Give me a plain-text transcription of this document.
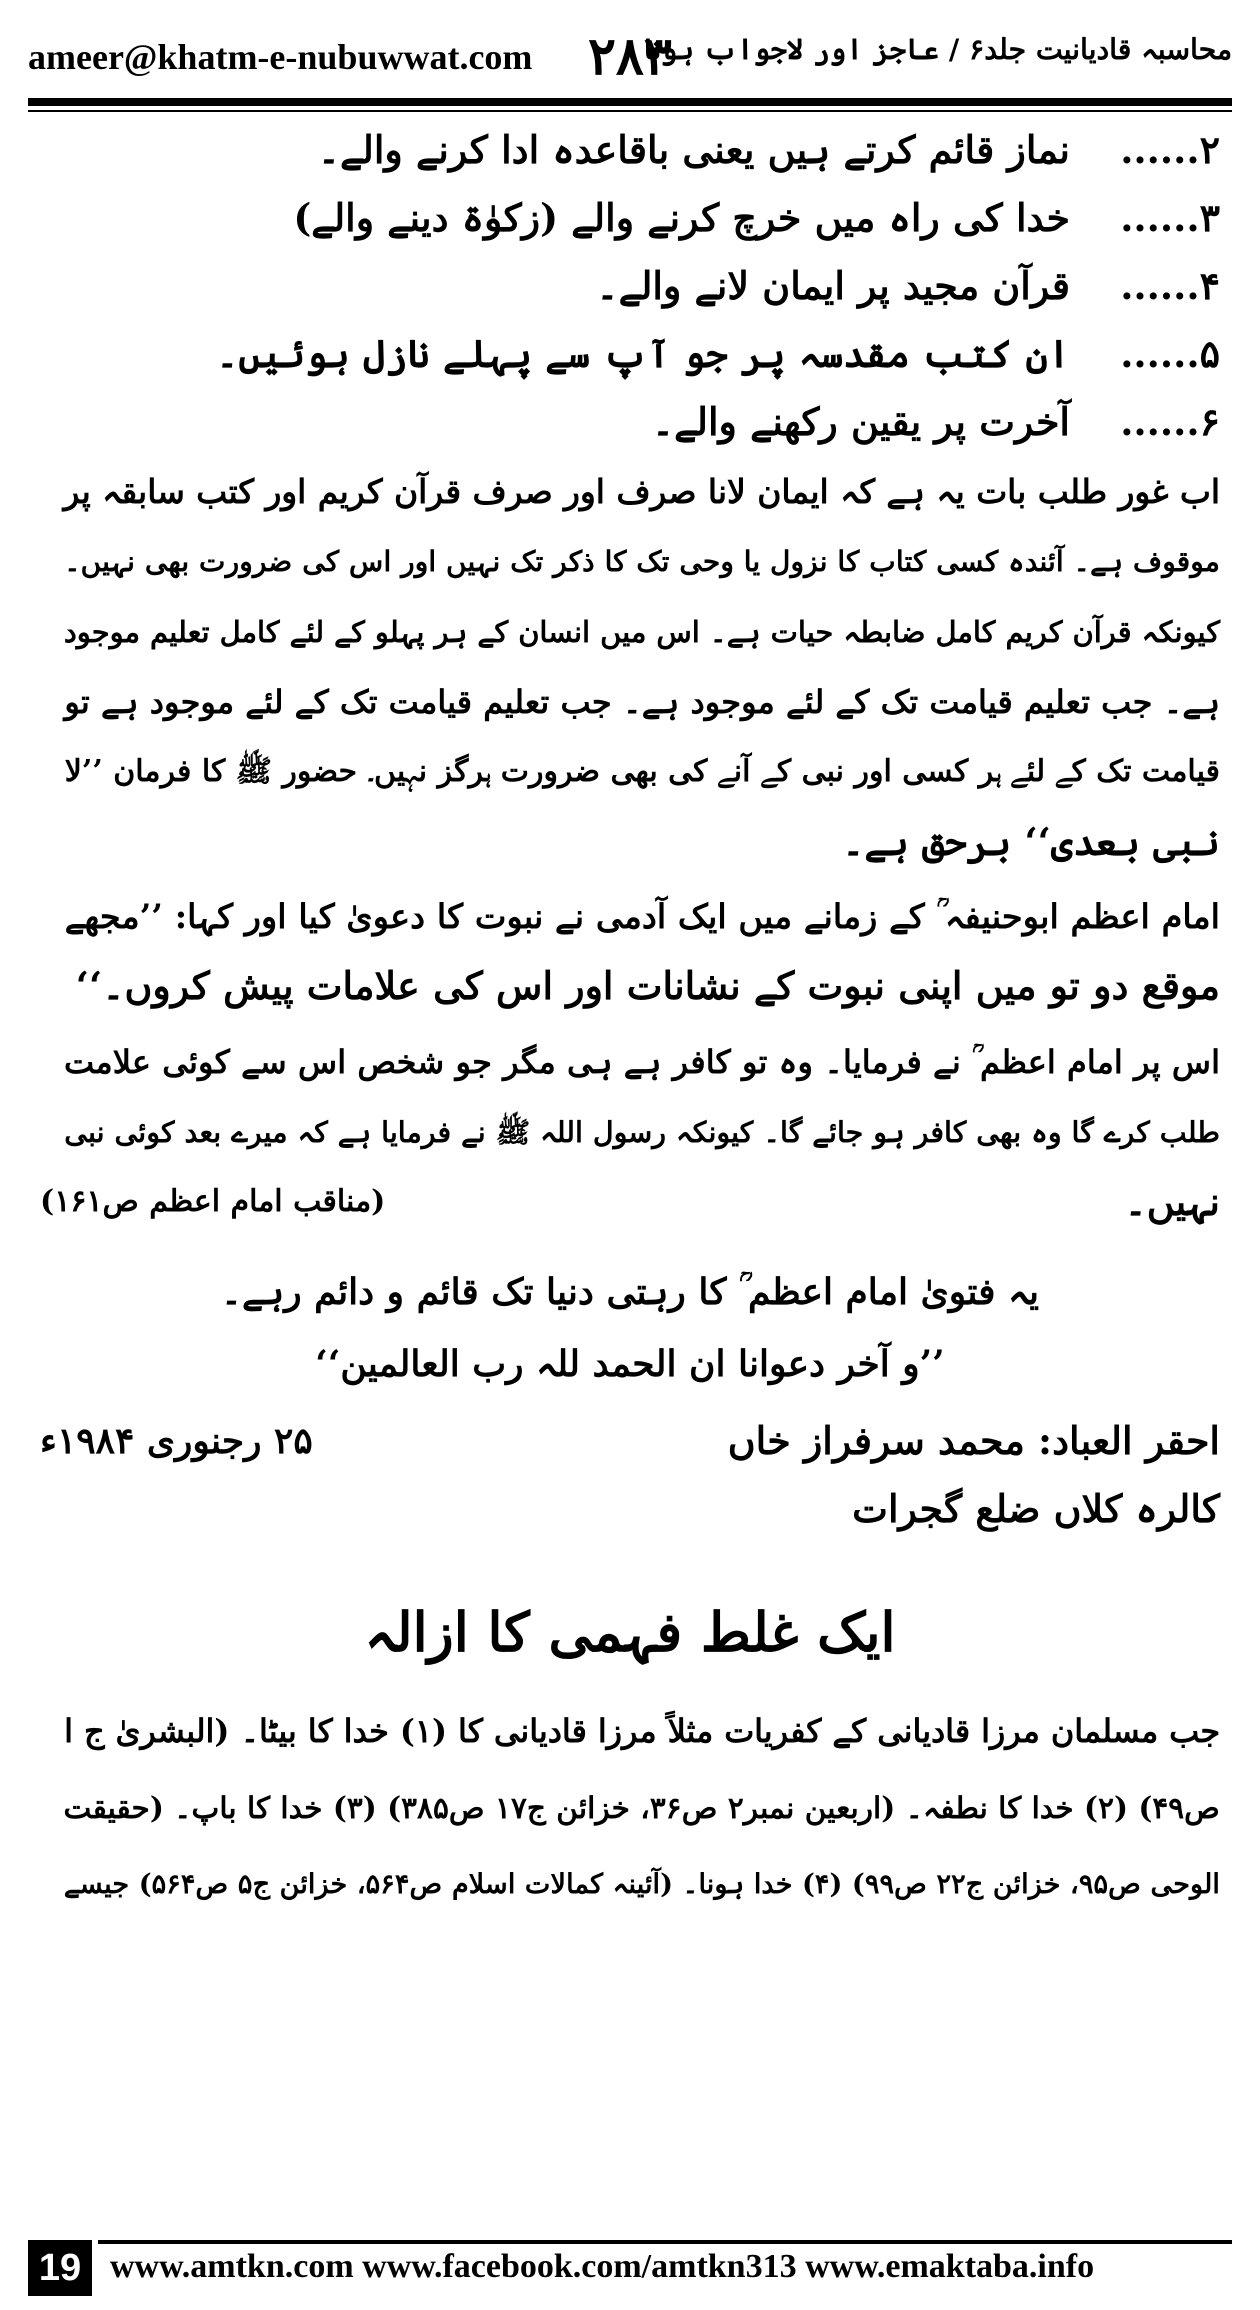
ameer@khatm-e-nubuwwat.com ۲۸۳
محاسبہ قادیانیت جلد۶ / عاجز اور لاجواب ہونا
۲......
نماز قائم کرتے ہیں یعنی باقاعدہ ادا کرنے والے۔
۳......
خدا کی راہ میں خرچ کرنے والے (زکوٰۃ دینے والے)
۴......
قرآن مجید پر ایمان لانے والے۔
۵......
ان کتب مقدسہ پر جو آپ سے پہلے نازل ہوئیں۔
۶......
آخرت پر یقین رکھنے والے۔
اب غور طلب بات یہ ہے کہ ایمان لانا صرف اور صرف قرآن کریم اور کتب سابقہ پر
موقوف ہے۔ آئندہ کسی کتاب کا نزول یا وحی تک کا ذکر تک نہیں اور اس کی ضرورت بھی نہیں۔
کیونکہ قرآن کریم کامل ضابطہ حیات ہے۔ اس میں انسان کے ہر پہلو کے لئے کامل تعلیم موجود
ہے۔ جب تعلیم قیامت تک کے لئے موجود ہے۔ جب تعلیم قیامت تک کے لئے موجود ہے تو
قیامت تک کے لئے ہر کسی اور نبی کے آنے کی بھی ضرورت ہرگز نہیں۔ حضور ﷺ کا فرمان ’’لا
نبی بعدی‘‘ برحق ہے۔
امام اعظم ابوحنیفہ ؒ کے زمانے میں ایک آدمی نے نبوت کا دعویٰ کیا اور کہا: ’’مجھے
موقع دو تو میں اپنی نبوت کے نشانات اور اس کی علامات پیش کروں۔‘‘
اس پر امام اعظم ؒ نے فرمایا۔ وہ تو کافر ہے ہی مگر جو شخص اس سے کوئی علامت
طلب کرے گا وہ بھی کافر ہو جائے گا۔ کیونکہ رسول اللہ ﷺ نے فرمایا ہے کہ میرے بعد کوئی نبی
نہیں۔
(مناقب امام اعظم ص۱۶۱)
یہ فتویٰ امام اعظم ؒ کا رہتی دنیا تک قائم و دائم رہے۔
’’و آخر دعوانا ان الحمد للہ رب العالمین‘‘
۲۵ رجنوری ۱۹۸۴ء	احقر العباد: محمد سرفراز خاں
کالرہ کلاں ضلع گجرات
ایک غلط فہمی کا ازالہ
جب مسلمان مرزا قادیانی کے کفریات مثلاً مرزا قادیانی کا (۱) خدا کا بیٹا۔ (البشریٰ ج ا
ص۴۹) (۲) خدا کا نطفہ۔ (اربعین نمبر۲ ص۳۶، خزائن ج۱۷ ص۳۸۵) (۳) خدا کا باپ۔ (حقیقت
الوحی ص۹۵، خزائن ج۲۲ ص۹۹) (۴) خدا ہونا۔ (آئینہ کمالات اسلام ص۵۶۴، خزائن ج۵ ص۵۶۴) جیسے
19 www.amtkn.com www.facebook.com/amtkn313 www.emaktaba.info
